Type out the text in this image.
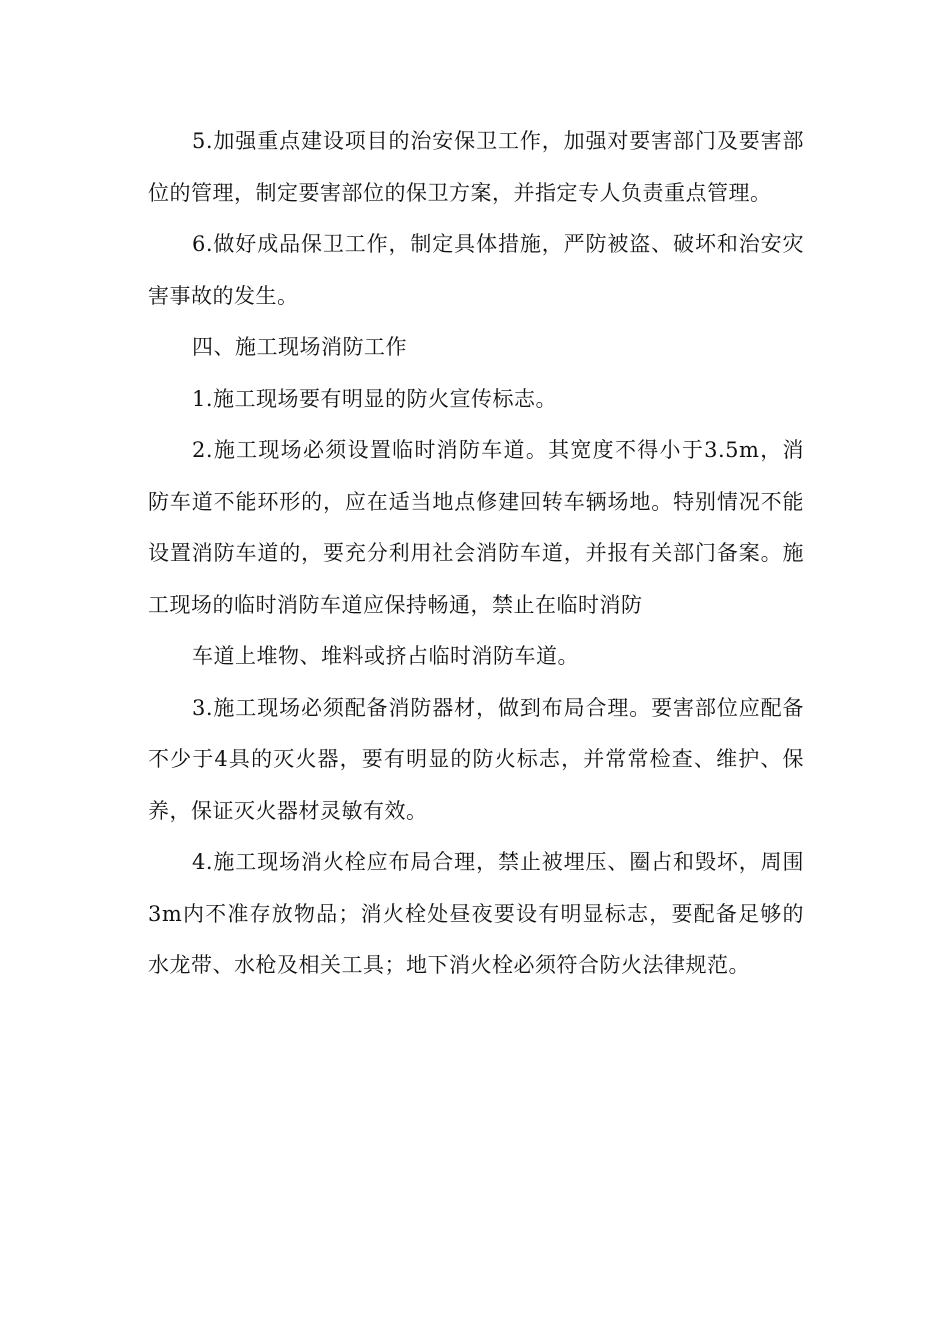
5.加强重点建设项目的治安保卫工作，加强对要害部门及要害部位的管理，制定要害部位的保卫方案，并指定专人负责重点管理。

6.做好成品保卫工作，制定具体措施，严防被盗、破坏和治安灾害事故的发生。

四、施工现场消防工作

1.施工现场要有明显的防火宣传标志。

2.施工现场必须设置临时消防车道。其宽度不得小于3.5m，消防车道不能环形的，应在适当地点修建回转车辆场地。特别情况不能设置消防车道的，要充分利用社会消防车道，并报有关部门备案。施工现场的临时消防车道应保持畅通，禁止在临时消防

车道上堆物、堆料或挤占临时消防车道。

3.施工现场必须配备消防器材，做到布局合理。要害部位应配备不少于4具的灭火器，要有明显的防火标志，并常常检查、维护、保养，保证灭火器材灵敏有效。

4.施工现场消火栓应布局合理，禁止被埋压、圈占和毁坏，周围3m内不准存放物品；消火栓处昼夜要设有明显标志，要配备足够的水龙带、水枪及相关工具；地下消火栓必须符合防火法律规范。
